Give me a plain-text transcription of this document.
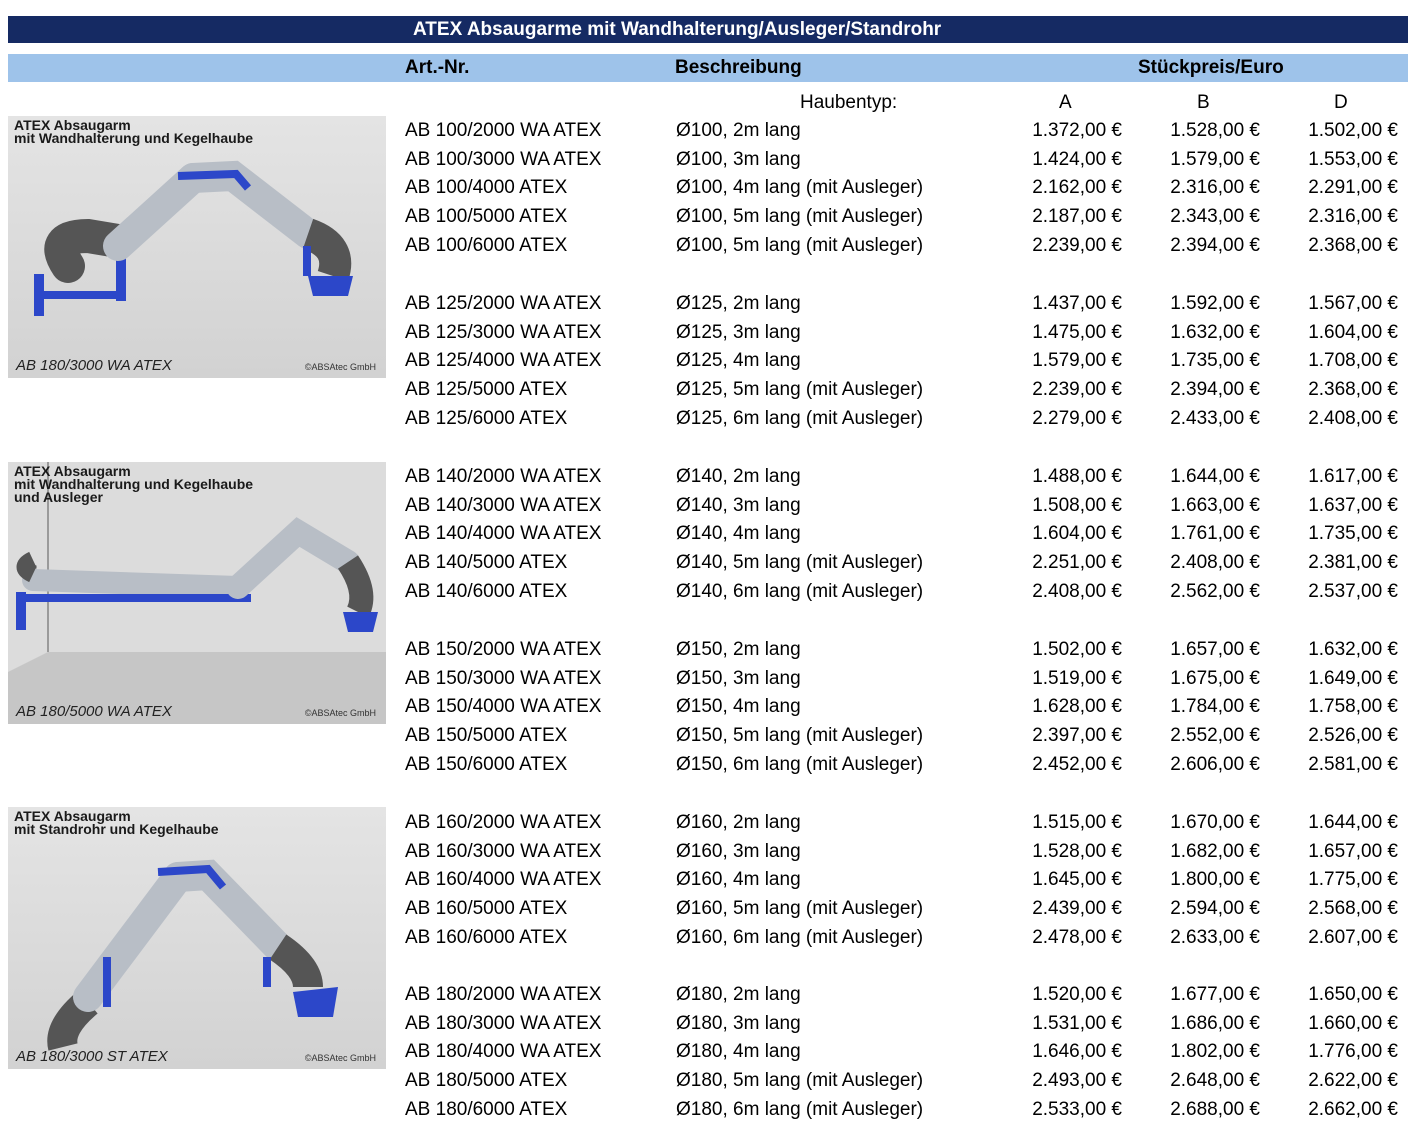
ATEX Absaugarme mit Wandhalterung/Ausleger/Standrohr
Art.-Nr.	Beschreibung	Stückpreis/Euro
Haubentyp:	A	B	D
ATEX Absaugarm
mit Wandhalterung und Kegelhaube
AB 180/3000 WA ATEX	©ABSAtec GmbH
ATEX Absaugarm
mit Wandhalterung und Kegelhaube
und Ausleger
AB 180/5000 WA ATEX	©ABSAtec GmbH
ATEX Absaugarm
mit Standrohr und Kegelhaube
AB 180/3000 ST ATEX	©ABSAtec GmbH
AB 100/2000 WA ATEX	Ø100, 2m lang	1.372,00 €	1.528,00 €	1.502,00 €
AB 100/3000 WA ATEX	Ø100, 3m lang	1.424,00 €	1.579,00 €	1.553,00 €
AB 100/4000 ATEX	Ø100, 4m lang (mit Ausleger)	2.162,00 €	2.316,00 €	2.291,00 €
AB 100/5000 ATEX	Ø100, 5m lang (mit Ausleger)	2.187,00 €	2.343,00 €	2.316,00 €
AB 100/6000 ATEX	Ø100, 5m lang (mit Ausleger)	2.239,00 €	2.394,00 €	2.368,00 €
AB 125/2000 WA ATEX	Ø125, 2m lang	1.437,00 €	1.592,00 €	1.567,00 €
AB 125/3000 WA ATEX	Ø125, 3m lang	1.475,00 €	1.632,00 €	1.604,00 €
AB 125/4000 WA ATEX	Ø125, 4m lang	1.579,00 €	1.735,00 €	1.708,00 €
AB 125/5000 ATEX	Ø125, 5m lang (mit Ausleger)	2.239,00 €	2.394,00 €	2.368,00 €
AB 125/6000 ATEX	Ø125, 6m lang (mit Ausleger)	2.279,00 €	2.433,00 €	2.408,00 €
AB 140/2000 WA ATEX	Ø140, 2m lang	1.488,00 €	1.644,00 €	1.617,00 €
AB 140/3000 WA ATEX	Ø140, 3m lang	1.508,00 €	1.663,00 €	1.637,00 €
AB 140/4000 WA ATEX	Ø140, 4m lang	1.604,00 €	1.761,00 €	1.735,00 €
AB 140/5000 ATEX	Ø140, 5m lang (mit Ausleger)	2.251,00 €	2.408,00 €	2.381,00 €
AB 140/6000 ATEX	Ø140, 6m lang (mit Ausleger)	2.408,00 €	2.562,00 €	2.537,00 €
AB 150/2000 WA ATEX	Ø150, 2m lang	1.502,00 €	1.657,00 €	1.632,00 €
AB 150/3000 WA ATEX	Ø150, 3m lang	1.519,00 €	1.675,00 €	1.649,00 €
AB 150/4000 WA ATEX	Ø150, 4m lang	1.628,00 €	1.784,00 €	1.758,00 €
AB 150/5000 ATEX	Ø150, 5m lang (mit Ausleger)	2.397,00 €	2.552,00 €	2.526,00 €
AB 150/6000 ATEX	Ø150, 6m lang (mit Ausleger)	2.452,00 €	2.606,00 €	2.581,00 €
AB 160/2000 WA ATEX	Ø160, 2m lang	1.515,00 €	1.670,00 €	1.644,00 €
AB 160/3000 WA ATEX	Ø160, 3m lang	1.528,00 €	1.682,00 €	1.657,00 €
AB 160/4000 WA ATEX	Ø160, 4m lang	1.645,00 €	1.800,00 €	1.775,00 €
AB 160/5000 ATEX	Ø160, 5m lang (mit Ausleger)	2.439,00 €	2.594,00 €	2.568,00 €
AB 160/6000 ATEX	Ø160, 6m lang (mit Ausleger)	2.478,00 €	2.633,00 €	2.607,00 €
AB 180/2000 WA ATEX	Ø180, 2m lang	1.520,00 €	1.677,00 €	1.650,00 €
AB 180/3000 WA ATEX	Ø180, 3m lang	1.531,00 €	1.686,00 €	1.660,00 €
AB 180/4000 WA ATEX	Ø180, 4m lang	1.646,00 €	1.802,00 €	1.776,00 €
AB 180/5000 ATEX	Ø180, 5m lang (mit Ausleger)	2.493,00 €	2.648,00 €	2.622,00 €
AB 180/6000 ATEX	Ø180, 6m lang (mit Ausleger)	2.533,00 €	2.688,00 €	2.662,00 €
